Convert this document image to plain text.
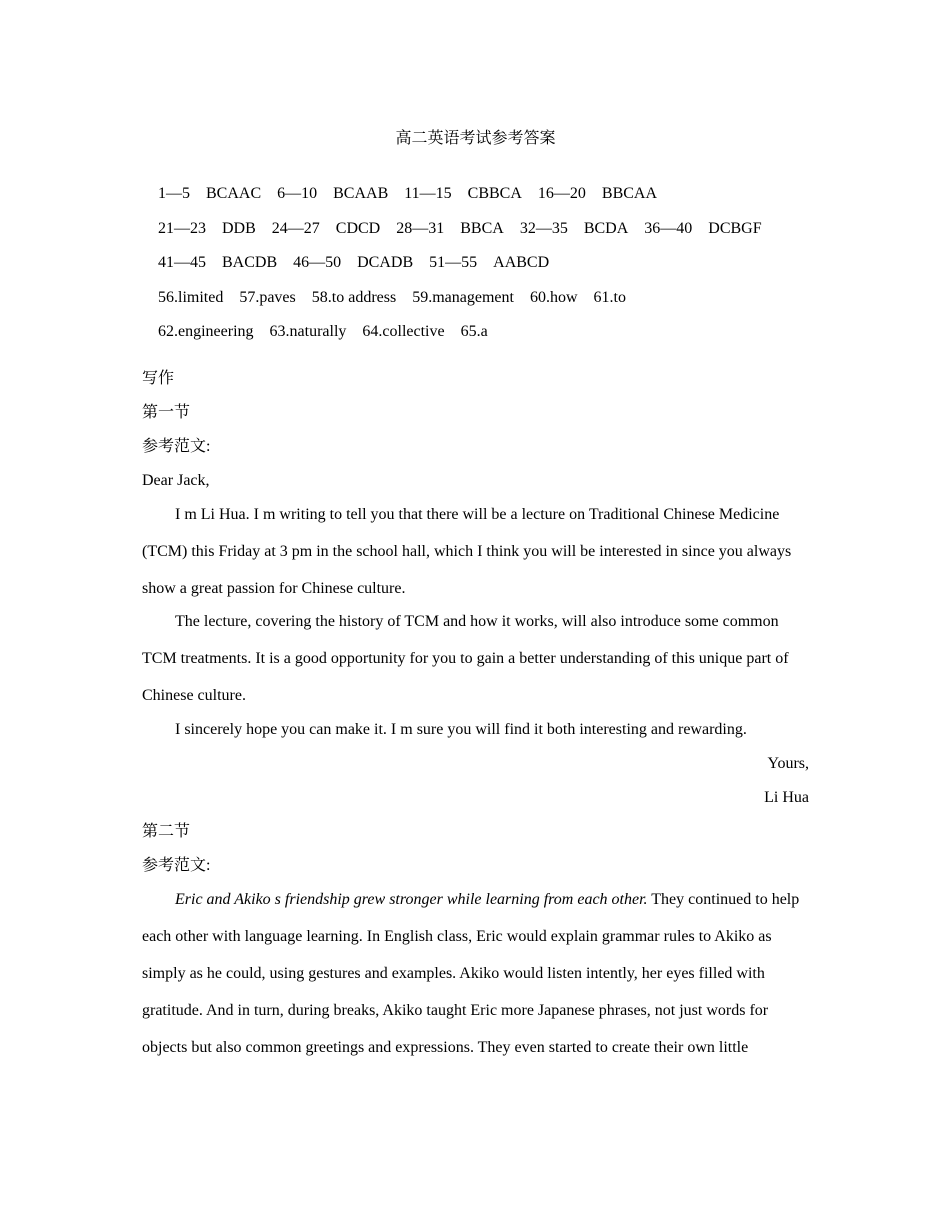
高二英语考试参考答案

1—5 BCAAC 6—10 BCAAB 11—15 CBBCA 16—20 BBCAA

21—23 DDB 24—27 CDCD 28—31 BBCA 32—35 BCDA 36—40 DCBGF

41—45 BACDB 46—50 DCADB 51—55 AABCD

56.limited 57.paves 58.to address 59.management 60.how 61.to

62.engineering 63.naturally 64.collective 65.a

写作
第一节
参考范文:
Dear Jack,

I m Li Hua. I m writing to tell you that there will be a lecture on Traditional Chinese Medicine (TCM) this Friday at 3 pm in the school hall, which I think you will be interested in since you always show a great passion for Chinese culture.

The lecture, covering the history of TCM and how it works, will also introduce some common TCM treatments. It is a good opportunity for you to gain a better understanding of this unique part of Chinese culture.

I sincerely hope you can make it. I m sure you will find it both interesting and rewarding.

Yours,
Li Hua
第二节
参考范文:

Eric and Akiko s friendship grew stronger while learning from each other. They continued to help each other with language learning. In English class, Eric would explain grammar rules to Akiko as simply as he could, using gestures and examples. Akiko would listen intently, her eyes filled with gratitude. And in turn, during breaks, Akiko taught Eric more Japanese phrases, not just words for objects but also common greetings and expressions. They even started to create their own little
